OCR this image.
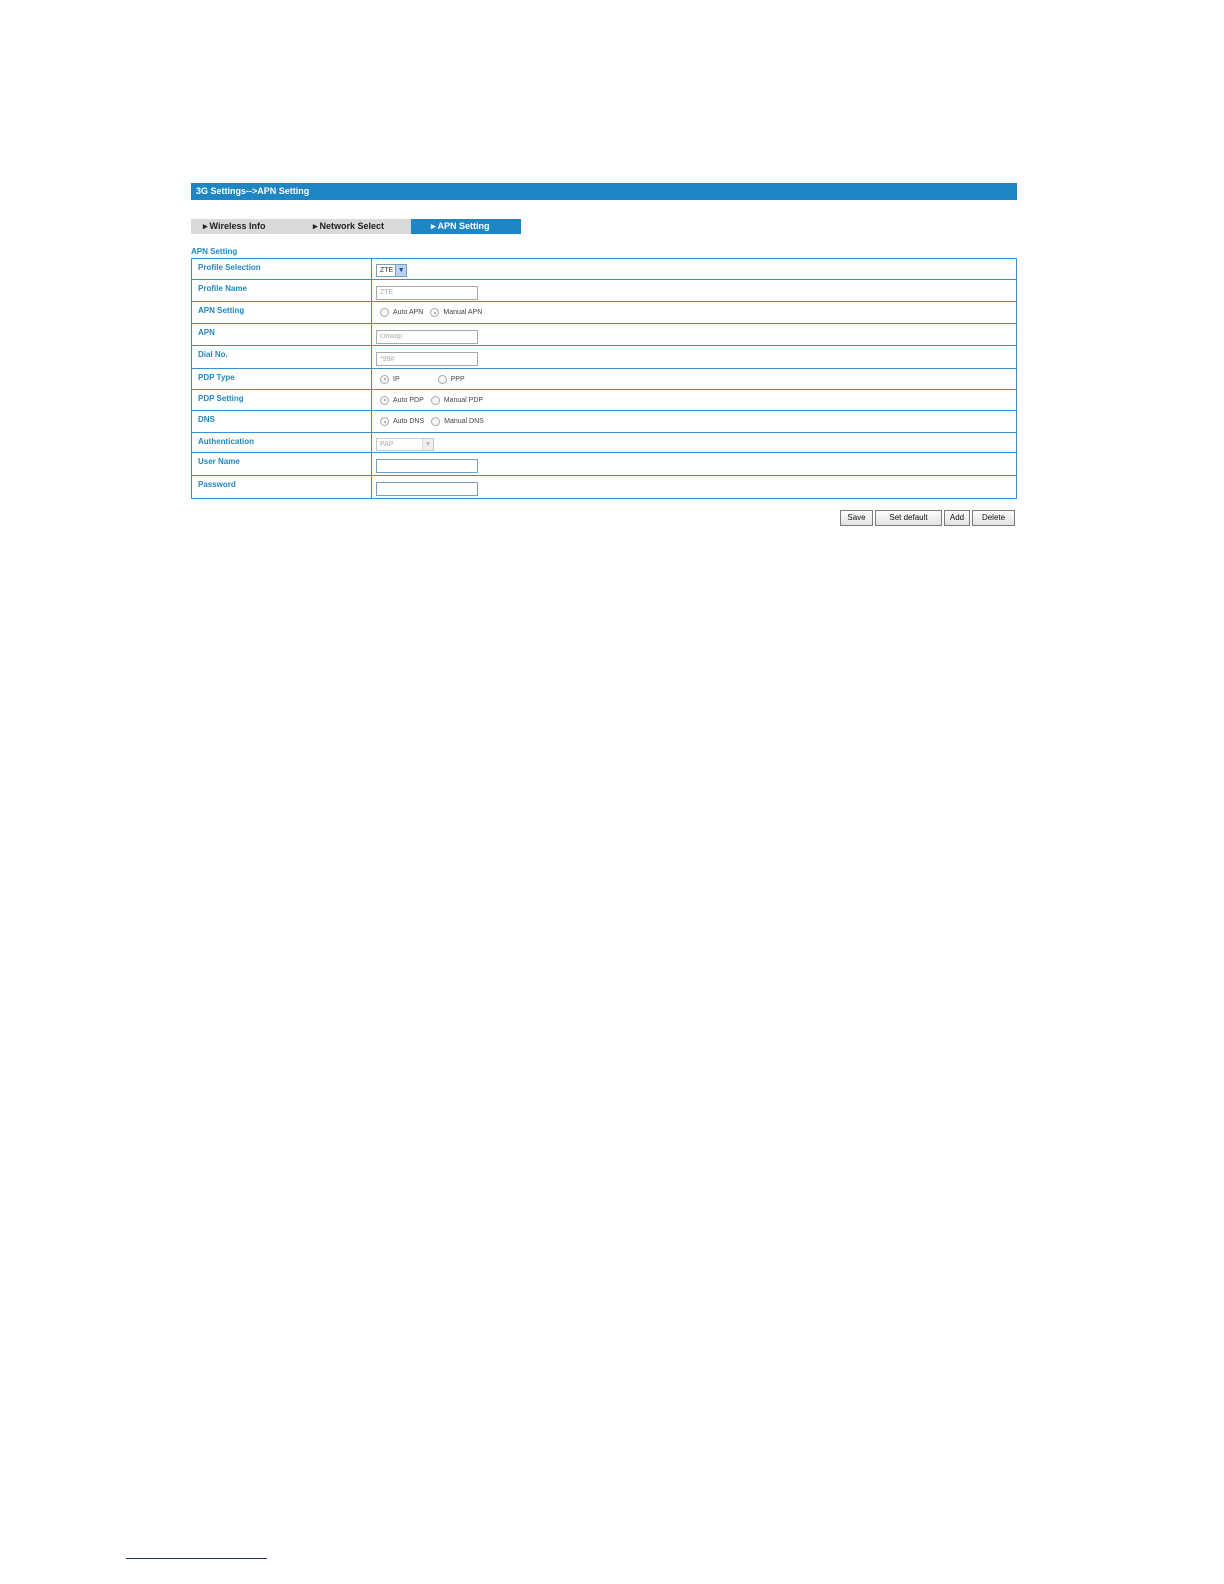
3G Settings-->APN Setting
▸ Wireless Info	▸ Network Select	▸ APN Setting
APN Setting
Profile Selection	ZTE ▼

Profile Name	ZTE
APN Setting	Auto APN Manual APN

APN	cmwap
Dial No.	*99#
PDP Type	IP PPP

PDP Setting	Auto PDP Manual PDP

DNS	Auto DNS Manual DNS

Authentication	PAP ▼

User Name	
Password	
Save	Set default	Add	Delete
